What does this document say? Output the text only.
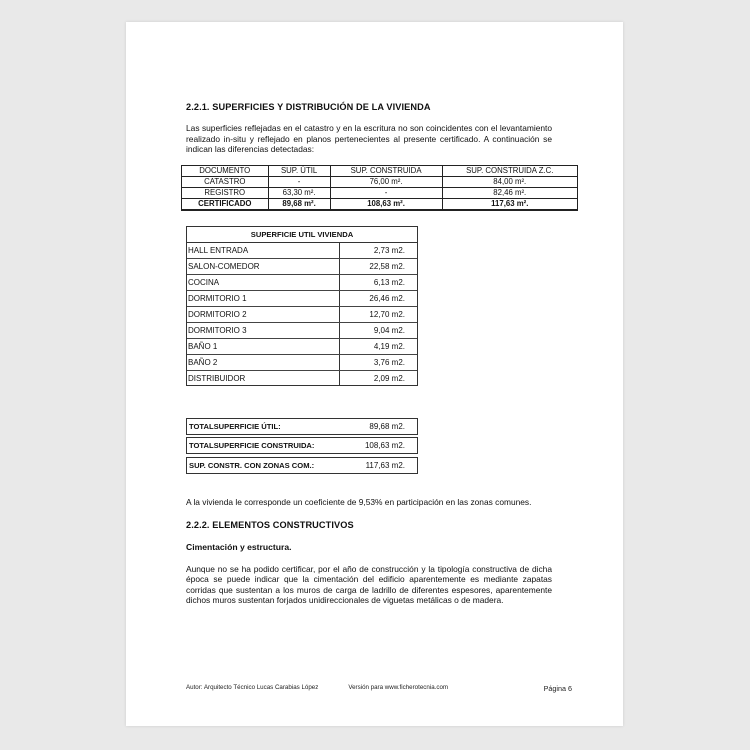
2.2.1. SUPERFICIES Y DISTRIBUCIÓN DE LA VIVIENDA

Las superficies reflejadas en el catastro y en la escritura no son coincidentes con el levantamiento realizado in-situ y reflejado en planos pertenecientes al presente certificado. A continuación se indican las diferencias detectadas:

DOCUMENTO	SUP. ÚTIL	SUP. CONSTRUIDA	SUP. CONSTRUIDA Z.C.
CATASTRO	-	76,00 m².	84,00 m².
REGISTRO	63,30 m².	-	82,46 m².
CERTIFICADO	89,68 m².	108,63 m².	117,63 m².
SUPERFICIE UTIL VIVIENDA
HALL ENTRADA	2,73 m2.
SALON-COMEDOR	22,58 m2.
COCINA	6,13 m2.
DORMITORIO 1	26,46 m2.
DORMITORIO 2	12,70 m2.
DORMITORIO 3	9,04 m2.
BAÑO 1	4,19 m2.
BAÑO 2	3,76 m2.
DISTRIBUIDOR	2,09 m2.
TOTALSUPERFICIE ÚTIL:	89,68 m2.
TOTALSUPERFICIE CONSTRUIDA:	108,63 m2.
SUP. CONSTR. CON ZONAS COM.:	117,63 m2.

A la vivienda le corresponde un coeficiente de 9,53% en participación en las zonas comunes.

2.2.2. ELEMENTOS CONSTRUCTIVOS
Cimentación y estructura.

Aunque no se ha podido certificar, por el año de construcción y la tipología constructiva de dicha época se puede indicar que la cimentación del edificio aparentemente es mediante zapatas corridas que sustentan a los muros de carga de ladrillo de diferentes espesores, aparentemente dichos muros sustentan forjados unidireccionales de viguetas metálicas o de madera.

Autor: Arquitecto Técnico Lucas Carabias López	Versión para www.ficherotecnia.com	Página 6
